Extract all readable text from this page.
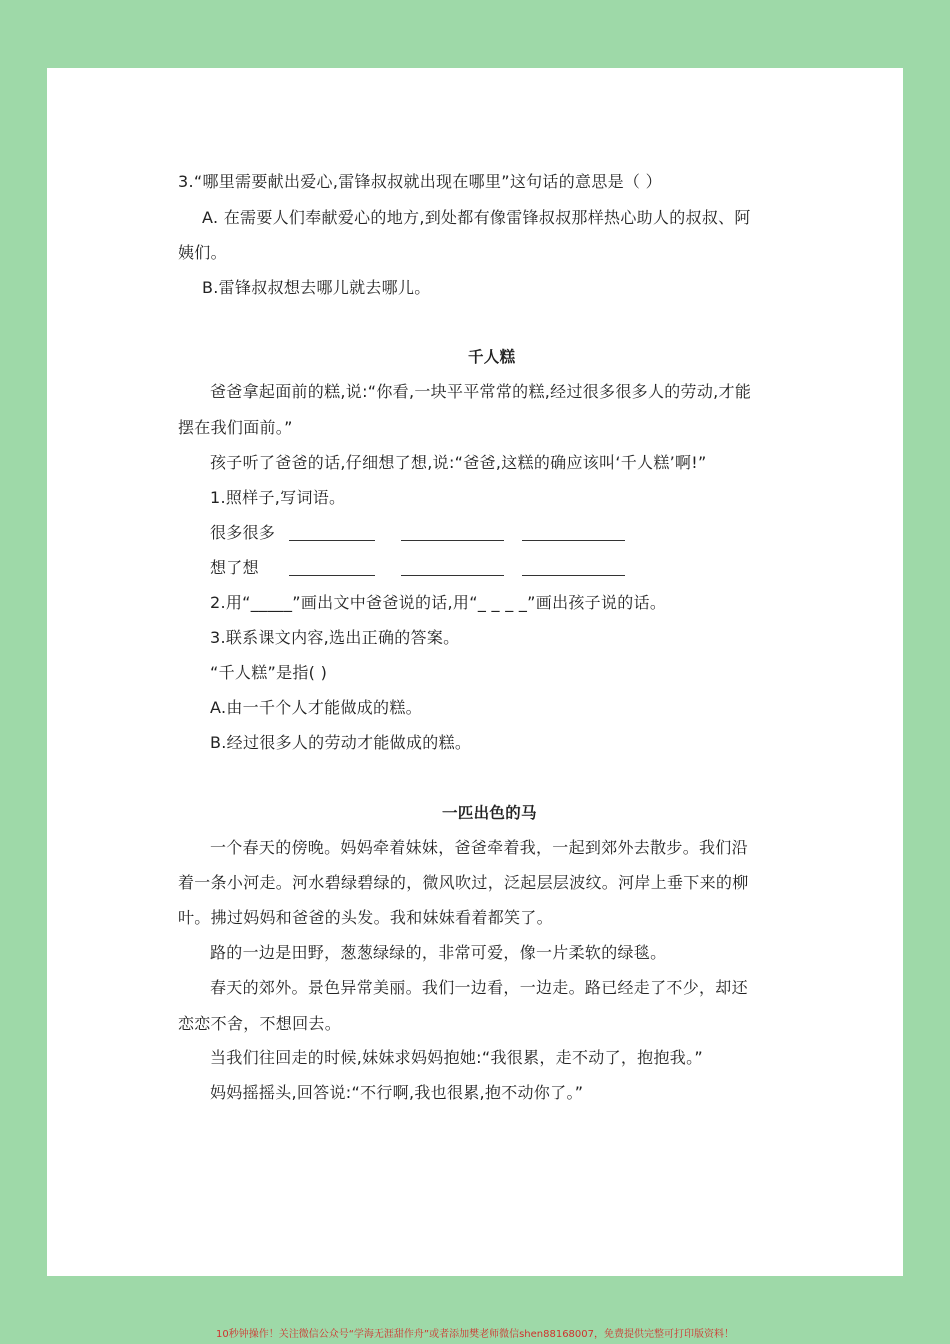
3.“哪里需要献出爱心,雷锋叔叔就出现在哪里”这句话的意思是（ ）
A. 在需要人们奉献爱心的地方,到处都有像雷锋叔叔那样热心助人的叔叔、阿
姨们。
B.雷锋叔叔想去哪儿就去哪儿。
千人糕
爸爸拿起面前的糕,说:“你看,一块平平常常的糕,经过很多很多人的劳动,才能
摆在我们面前。”
孩子听了爸爸的话,仔细想了想,说:“爸爸,这糕的确应该叫‘千人糕’啊!”
1.照样子,写词语。
很多很多
想了想
2.用“_____”画出文中爸爸说的话,用“_ _ _ _”画出孩子说的话。
3.联系课文内容,选出正确的答案。
“千人糕”是指( )
A.由一千个人才能做成的糕。
B.经过很多人的劳动才能做成的糕。
一匹出色的马
一个春天的傍晚。妈妈牵着妹妹，爸爸牵着我，一起到郊外去散步。我们沿
着一条小河走。河水碧绿碧绿的，微风吹过，泛起层层波纹。河岸上垂下来的柳
叶。拂过妈妈和爸爸的头发。我和妹妹看着都笑了。
路的一边是田野，葱葱绿绿的，非常可爱，像一片柔软的绿毯。
春天的郊外。景色异常美丽。我们一边看，一边走。路已经走了不少，却还
恋恋不舍，不想回去。
当我们往回走的时候,妹妹求妈妈抱她:“我很累，走不动了，抱抱我。”
妈妈摇摇头,回答说:“不行啊,我也很累,抱不动你了。”
10秒钟操作！关注微信公众号“学海无涯甜作舟”或者添加樊老师微信shen88168007，免费提供完整可打印版资料！
